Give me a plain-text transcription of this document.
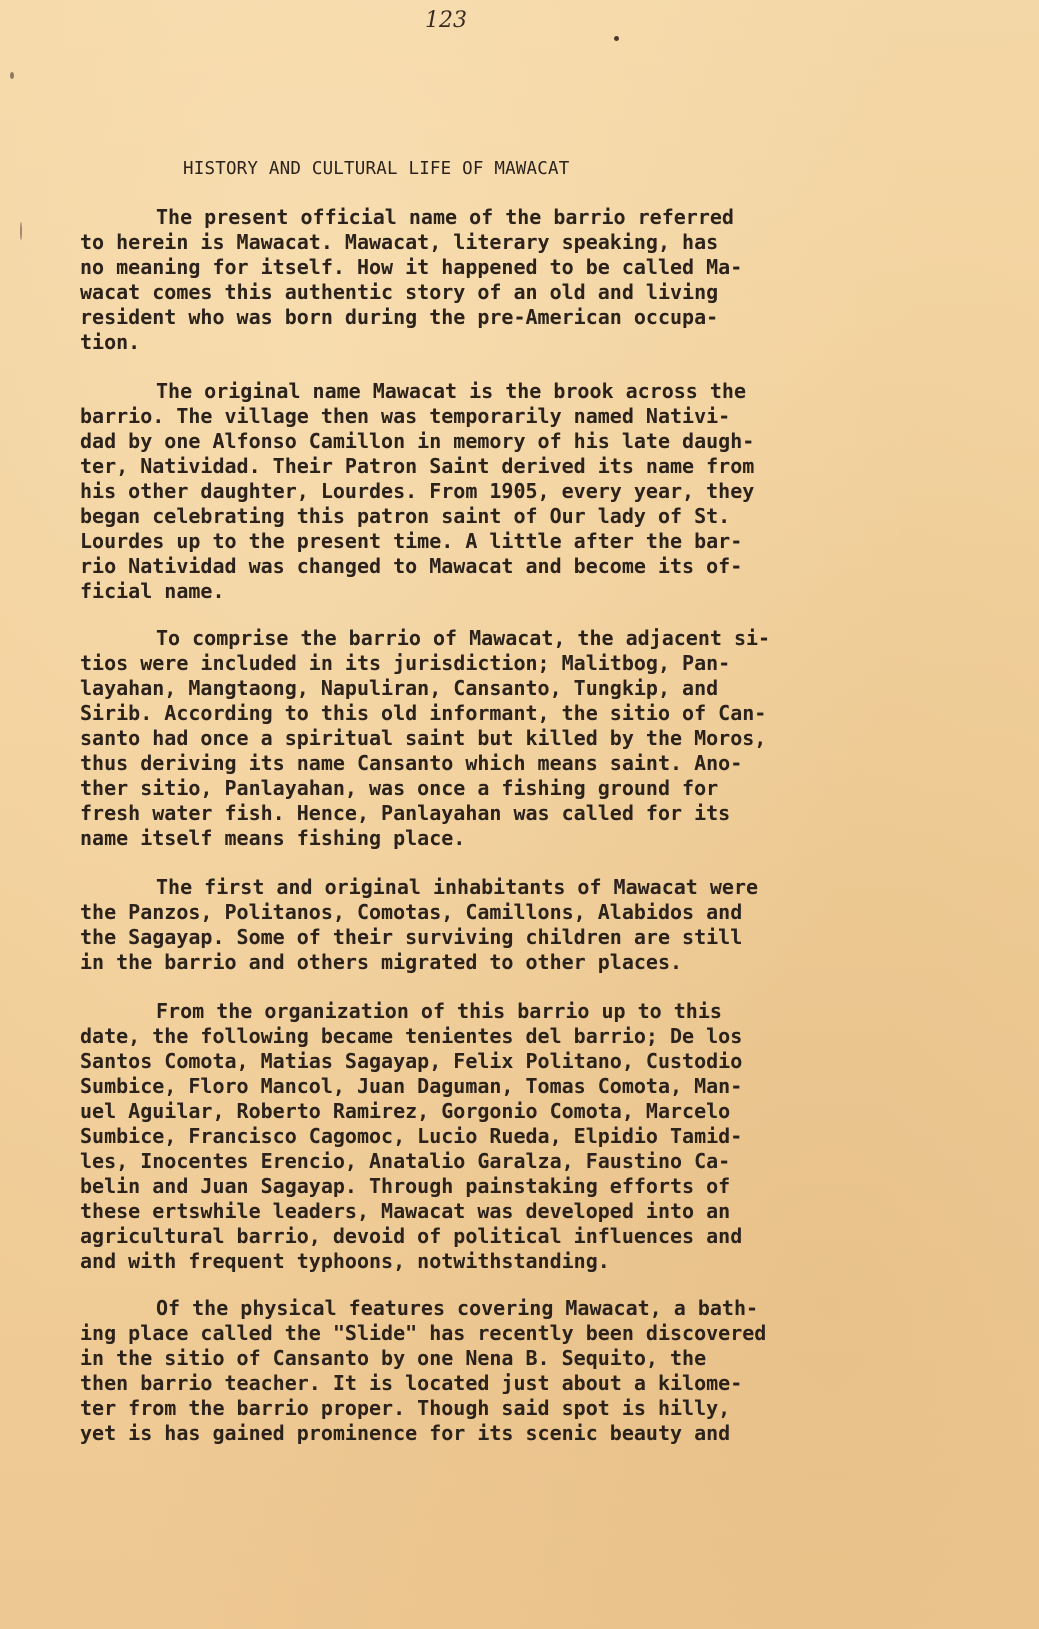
123
HISTORY AND CULTURAL LIFE OF MAWACAT
The present official name of the barrio referred
to herein is Mawacat. Mawacat, literary speaking, has
no meaning for itself. How it happened to be called Ma-
wacat comes this authentic story of an old and living
resident who was born during the pre-American occupa-
tion.
The original name Mawacat is the brook across the
barrio. The village then was temporarily named Nativi-
dad by one Alfonso Camillon in memory of his late daugh-
ter, Natividad. Their Patron Saint derived its name from
his other daughter, Lourdes. From 1905, every year, they
began celebrating this patron saint of Our lady of St.
Lourdes up to the present time. A little after the bar-
rio Natividad was changed to Mawacat and become its of-
ficial name.
To comprise the barrio of Mawacat, the adjacent si-
tios were included in its jurisdiction; Malitbog, Pan-
layahan, Mangtaong, Napuliran, Cansanto, Tungkip, and
Sirib. According to this old informant, the sitio of Can-
santo had once a spiritual saint but killed by the Moros,
thus deriving its name Cansanto which means saint. Ano-
ther sitio, Panlayahan, was once a fishing ground for
fresh water fish. Hence, Panlayahan was called for its
name itself means fishing place.
The first and original inhabitants of Mawacat were
the Panzos, Politanos, Comotas, Camillons, Alabidos and
the Sagayap. Some of their surviving children are still
in the barrio and others migrated to other places.
From the organization of this barrio up to this
date, the following became tenientes del barrio; De los
Santos Comota, Matias Sagayap, Felix Politano, Custodio
Sumbice, Floro Mancol, Juan Daguman, Tomas Comota, Man-
uel Aguilar, Roberto Ramirez, Gorgonio Comota, Marcelo
Sumbice, Francisco Cagomoc, Lucio Rueda, Elpidio Tamid-
les, Inocentes Erencio, Anatalio Garalza, Faustino Ca-
belin and Juan Sagayap. Through painstaking efforts of
these ertswhile leaders, Mawacat was developed into an
agricultural barrio, devoid of political influences and
and with frequent typhoons, notwithstanding.
Of the physical features covering Mawacat, a bath-
ing place called the "Slide" has recently been discovered
in the sitio of Cansanto by one Nena B. Sequito, the
then barrio teacher. It is located just about a kilome-
ter from the barrio proper. Though said spot is hilly,
yet is has gained prominence for its scenic beauty and
